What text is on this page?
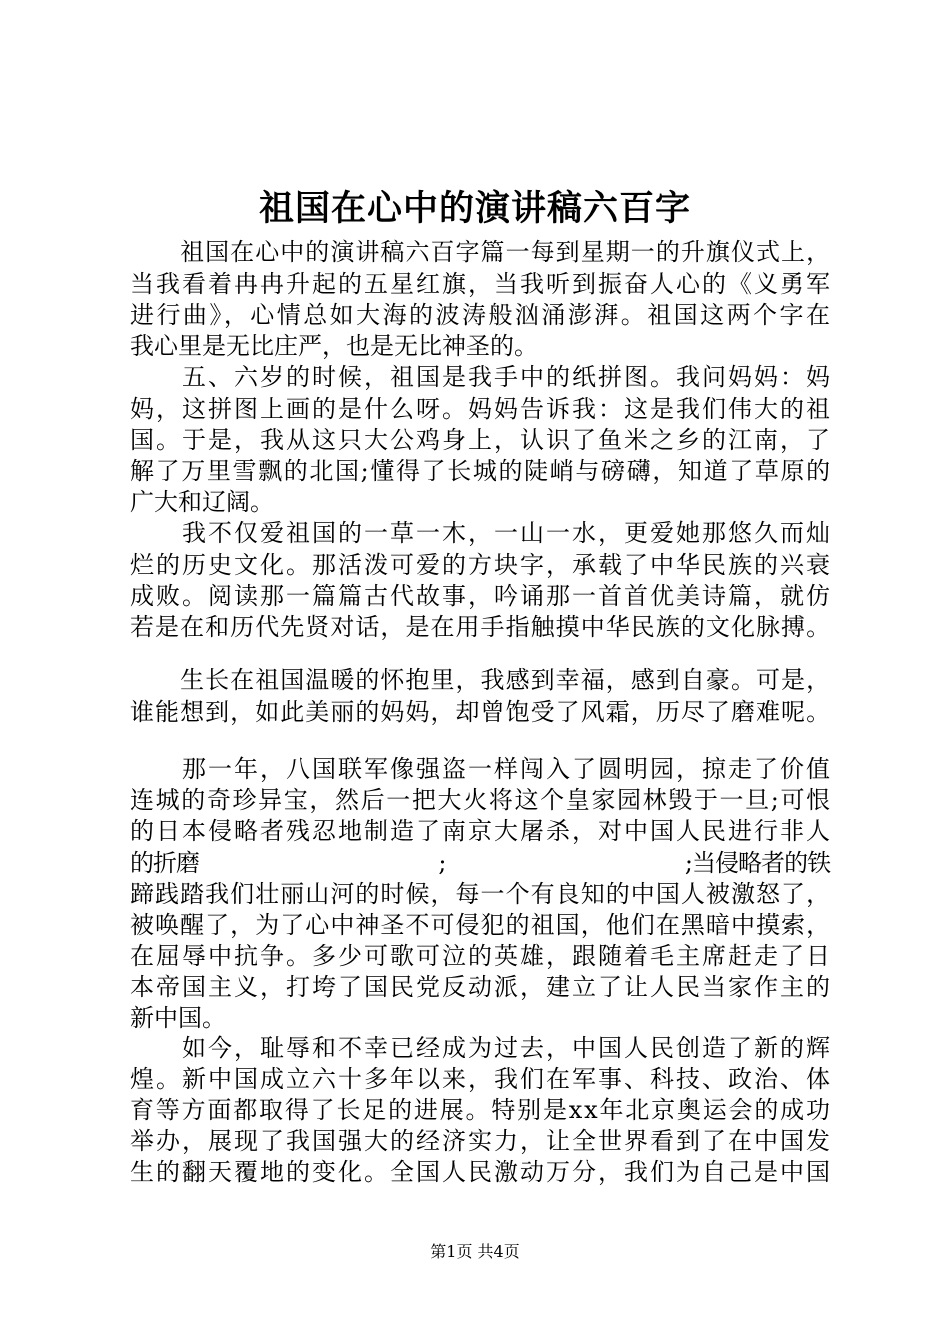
祖国在心中的演讲稿六百字
　　祖国在心中的演讲稿六百字篇一每到星期一的升旗仪式上，
当我看着冉冉升起的五星红旗，当我听到振奋人心的《义勇军
进行曲》，心情总如大海的波涛般汹涌澎湃。祖国这两个字在
我心里是无比庄严，也是无比神圣的。
　　五、六岁的时候，祖国是我手中的纸拼图。我问妈妈：妈
妈，这拼图上画的是什么呀。妈妈告诉我：这是我们伟大的祖
国。于是，我从这只大公鸡身上，认识了鱼米之乡的江南，了
解了万里雪飘的北国;懂得了长城的陡峭与磅礴，知道了草原的
广大和辽阔。
　　我不仅爱祖国的一草一木，一山一水，更爱她那悠久而灿
烂的历史文化。那活泼可爱的方块字，承载了中华民族的兴衰
成败。阅读那一篇篇古代故事，吟诵那一首首优美诗篇，就仿
若是在和历代先贤对话，是在用手指触摸中华民族的文化脉搏。
　　生长在祖国温暖的怀抱里，我感到幸福，感到自豪。可是，
谁能想到，如此美丽的妈妈，却曾饱受了风霜，历尽了磨难呢。
　　那一年，八国联军像强盗一样闯入了圆明园，掠走了价值
连城的奇珍异宝，然后一把大火将这个皇家园林毁于一旦;可恨
的日本侵略者残忍地制造了南京大屠杀，对中国人民进行非人
的折磨                                    ;                                    ;当侵略者的铁
蹄践踏我们壮丽山河的时候，每一个有良知的中国人被激怒了，
被唤醒了，为了心中神圣不可侵犯的祖国，他们在黑暗中摸索，
在屈辱中抗争。多少可歌可泣的英雄，跟随着毛主席赶走了日
本帝国主义，打垮了国民党反动派，建立了让人民当家作主的
新中国。
　　如今，耻辱和不幸已经成为过去，中国人民创造了新的辉
煌。新中国成立六十多年以来，我们在军事、科技、政治、体
育等方面都取得了长足的进展。特别是xx年北京奥运会的成功
举办，展现了我国强大的经济实力，让全世界看到了在中国发
生的翻天覆地的变化。全国人民激动万分，我们为自己是中国
第1页 共4页
